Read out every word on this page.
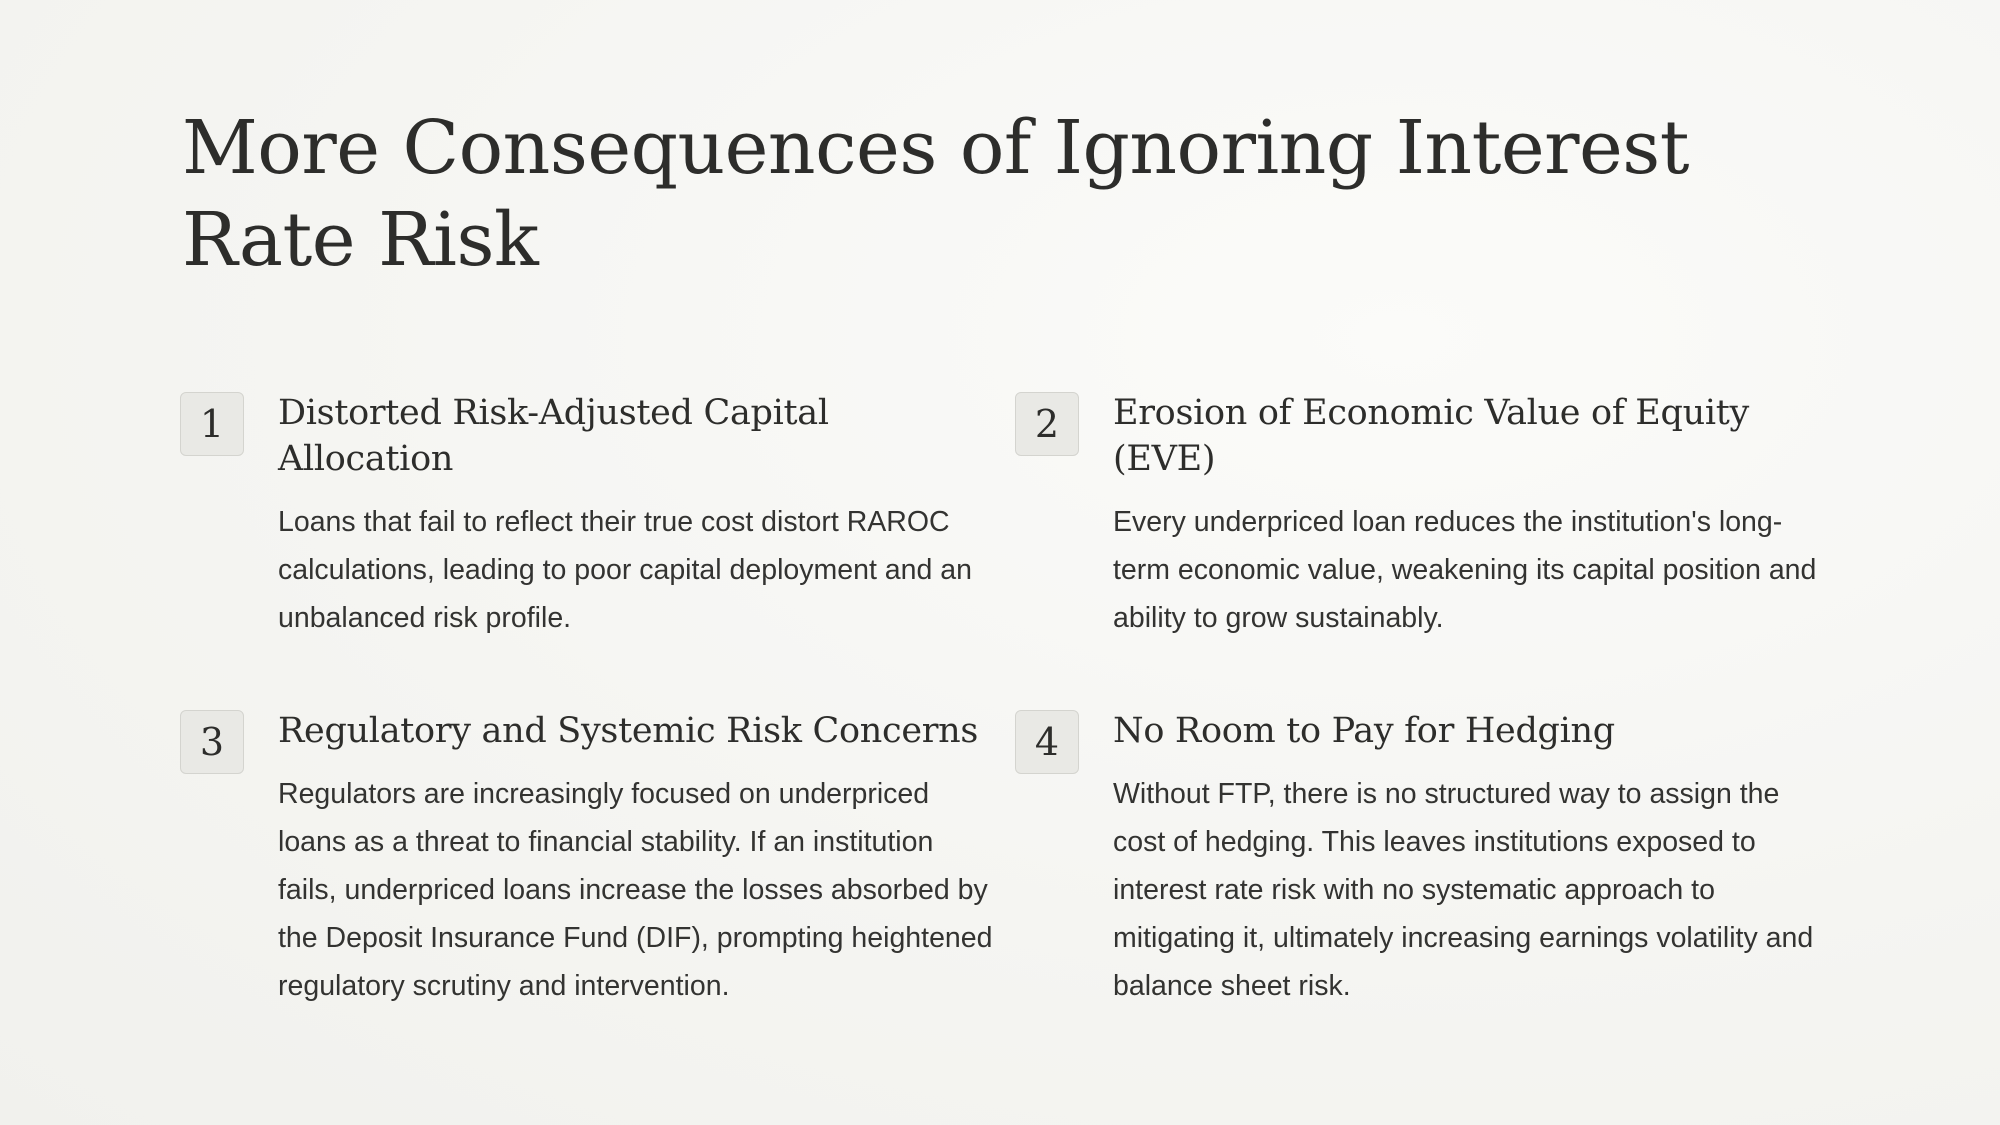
More Consequences of Ignoring Interest Rate Risk
1	Distorted Risk-Adjusted Capital Allocation

Loans that fail to reflect their true cost distort RAROC calculations, leading to poor capital deployment and an unbalanced risk profile.

2	Erosion of Economic Value of Equity (EVE)

Every underpriced loan reduces the institution's long-term economic value, weakening its capital position and ability to grow sustainably.

3	Regulatory and Systemic Risk Concerns

Regulators are increasingly focused on underpriced loans as a threat to financial stability. If an institution fails, underpriced loans increase the losses absorbed by the Deposit Insurance Fund (DIF), prompting heightened regulatory scrutiny and intervention.

4	No Room to Pay for Hedging

Without FTP, there is no structured way to assign the cost of hedging. This leaves institutions exposed to interest rate risk with no systematic approach to mitigating it, ultimately increasing earnings volatility and balance sheet risk.
